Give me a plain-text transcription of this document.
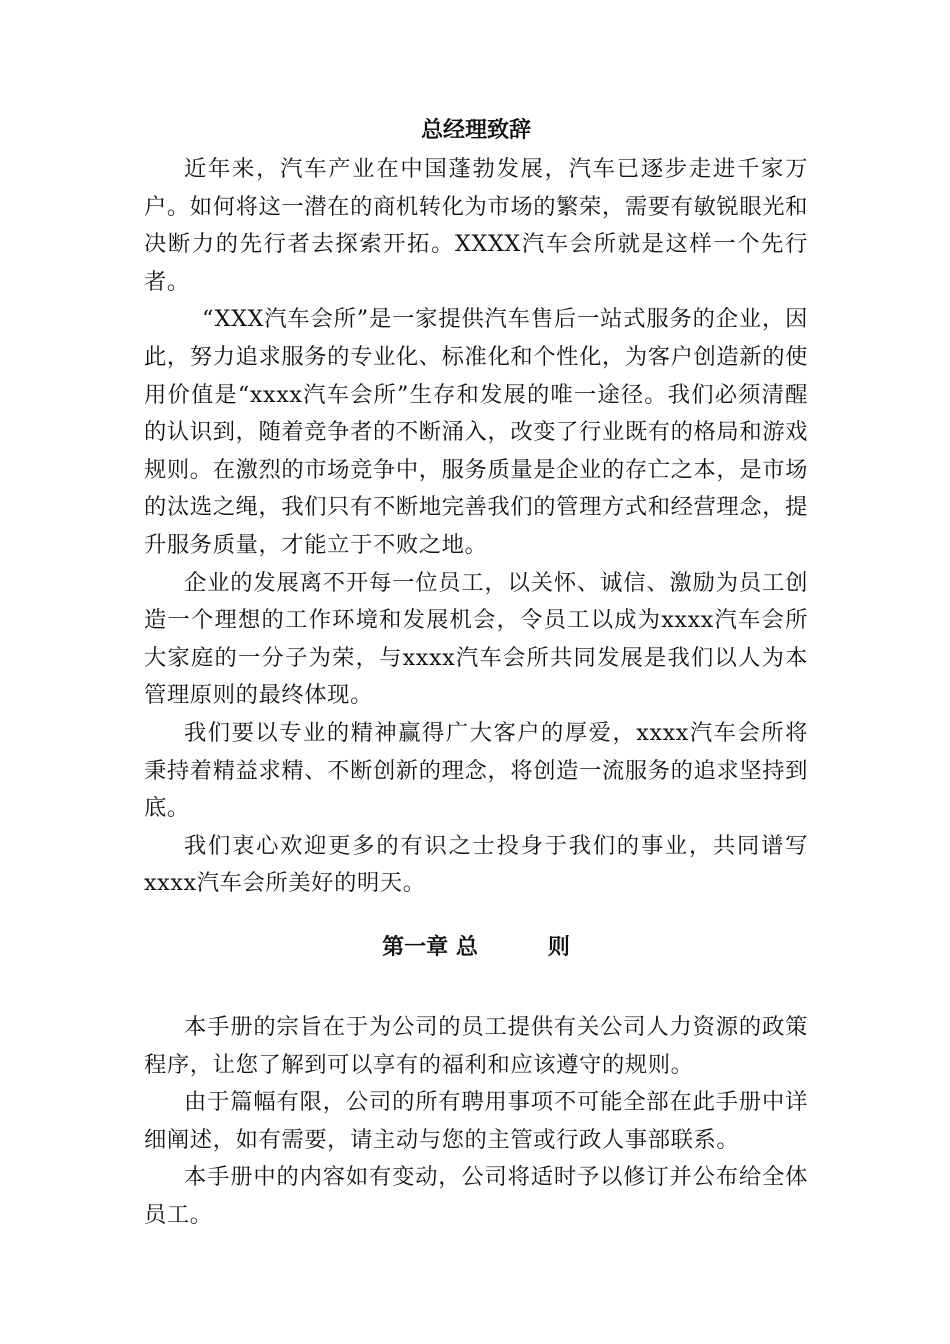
总经理致辞

近年来，汽车产业在中国蓬勃发展，汽车已逐步走进千家万户。如何将这一潜在的商机转化为市场的繁荣，需要有敏锐眼光和决断力的先行者去探索开拓。XXXX汽车会所就是这样一个先行者。

“XXX汽车会所”是一家提供汽车售后一站式服务的企业，因此，努力追求服务的专业化、标准化和个性化，为客户创造新的使用价值是“xxxx汽车会所”生存和发展的唯一途径。我们必须清醒的认识到，随着竞争者的不断涌入，改变了行业既有的格局和游戏规则。在激烈的市场竞争中，服务质量是企业的存亡之本，是市场的汰选之绳，我们只有不断地完善我们的管理方式和经营理念，提升服务质量，才能立于不败之地。

企业的发展离不开每一位员工，以关怀、诚信、激励为员工创造一个理想的工作环境和发展机会，令员工以成为xxxx汽车会所大家庭的一分子为荣，与xxxx汽车会所共同发展是我们以人为本管理原则的最终体现。

我们要以专业的精神赢得广大客户的厚爱，xxxx汽车会所将秉持着精益求精、不断创新的理念，将创造一流服务的追求坚持到底。

我们衷心欢迎更多的有识之士投身于我们的事业，共同谱写xxxx汽车会所美好的明天。

第一章 总	则

本手册的宗旨在于为公司的员工提供有关公司人力资源的政策程序，让您了解到可以享有的福利和应该遵守的规则。

由于篇幅有限，公司的所有聘用事项不可能全部在此手册中详细阐述，如有需要，请主动与您的主管或行政人事部联系。

本手册中的内容如有变动，公司将适时予以修订并公布给全体员工。
